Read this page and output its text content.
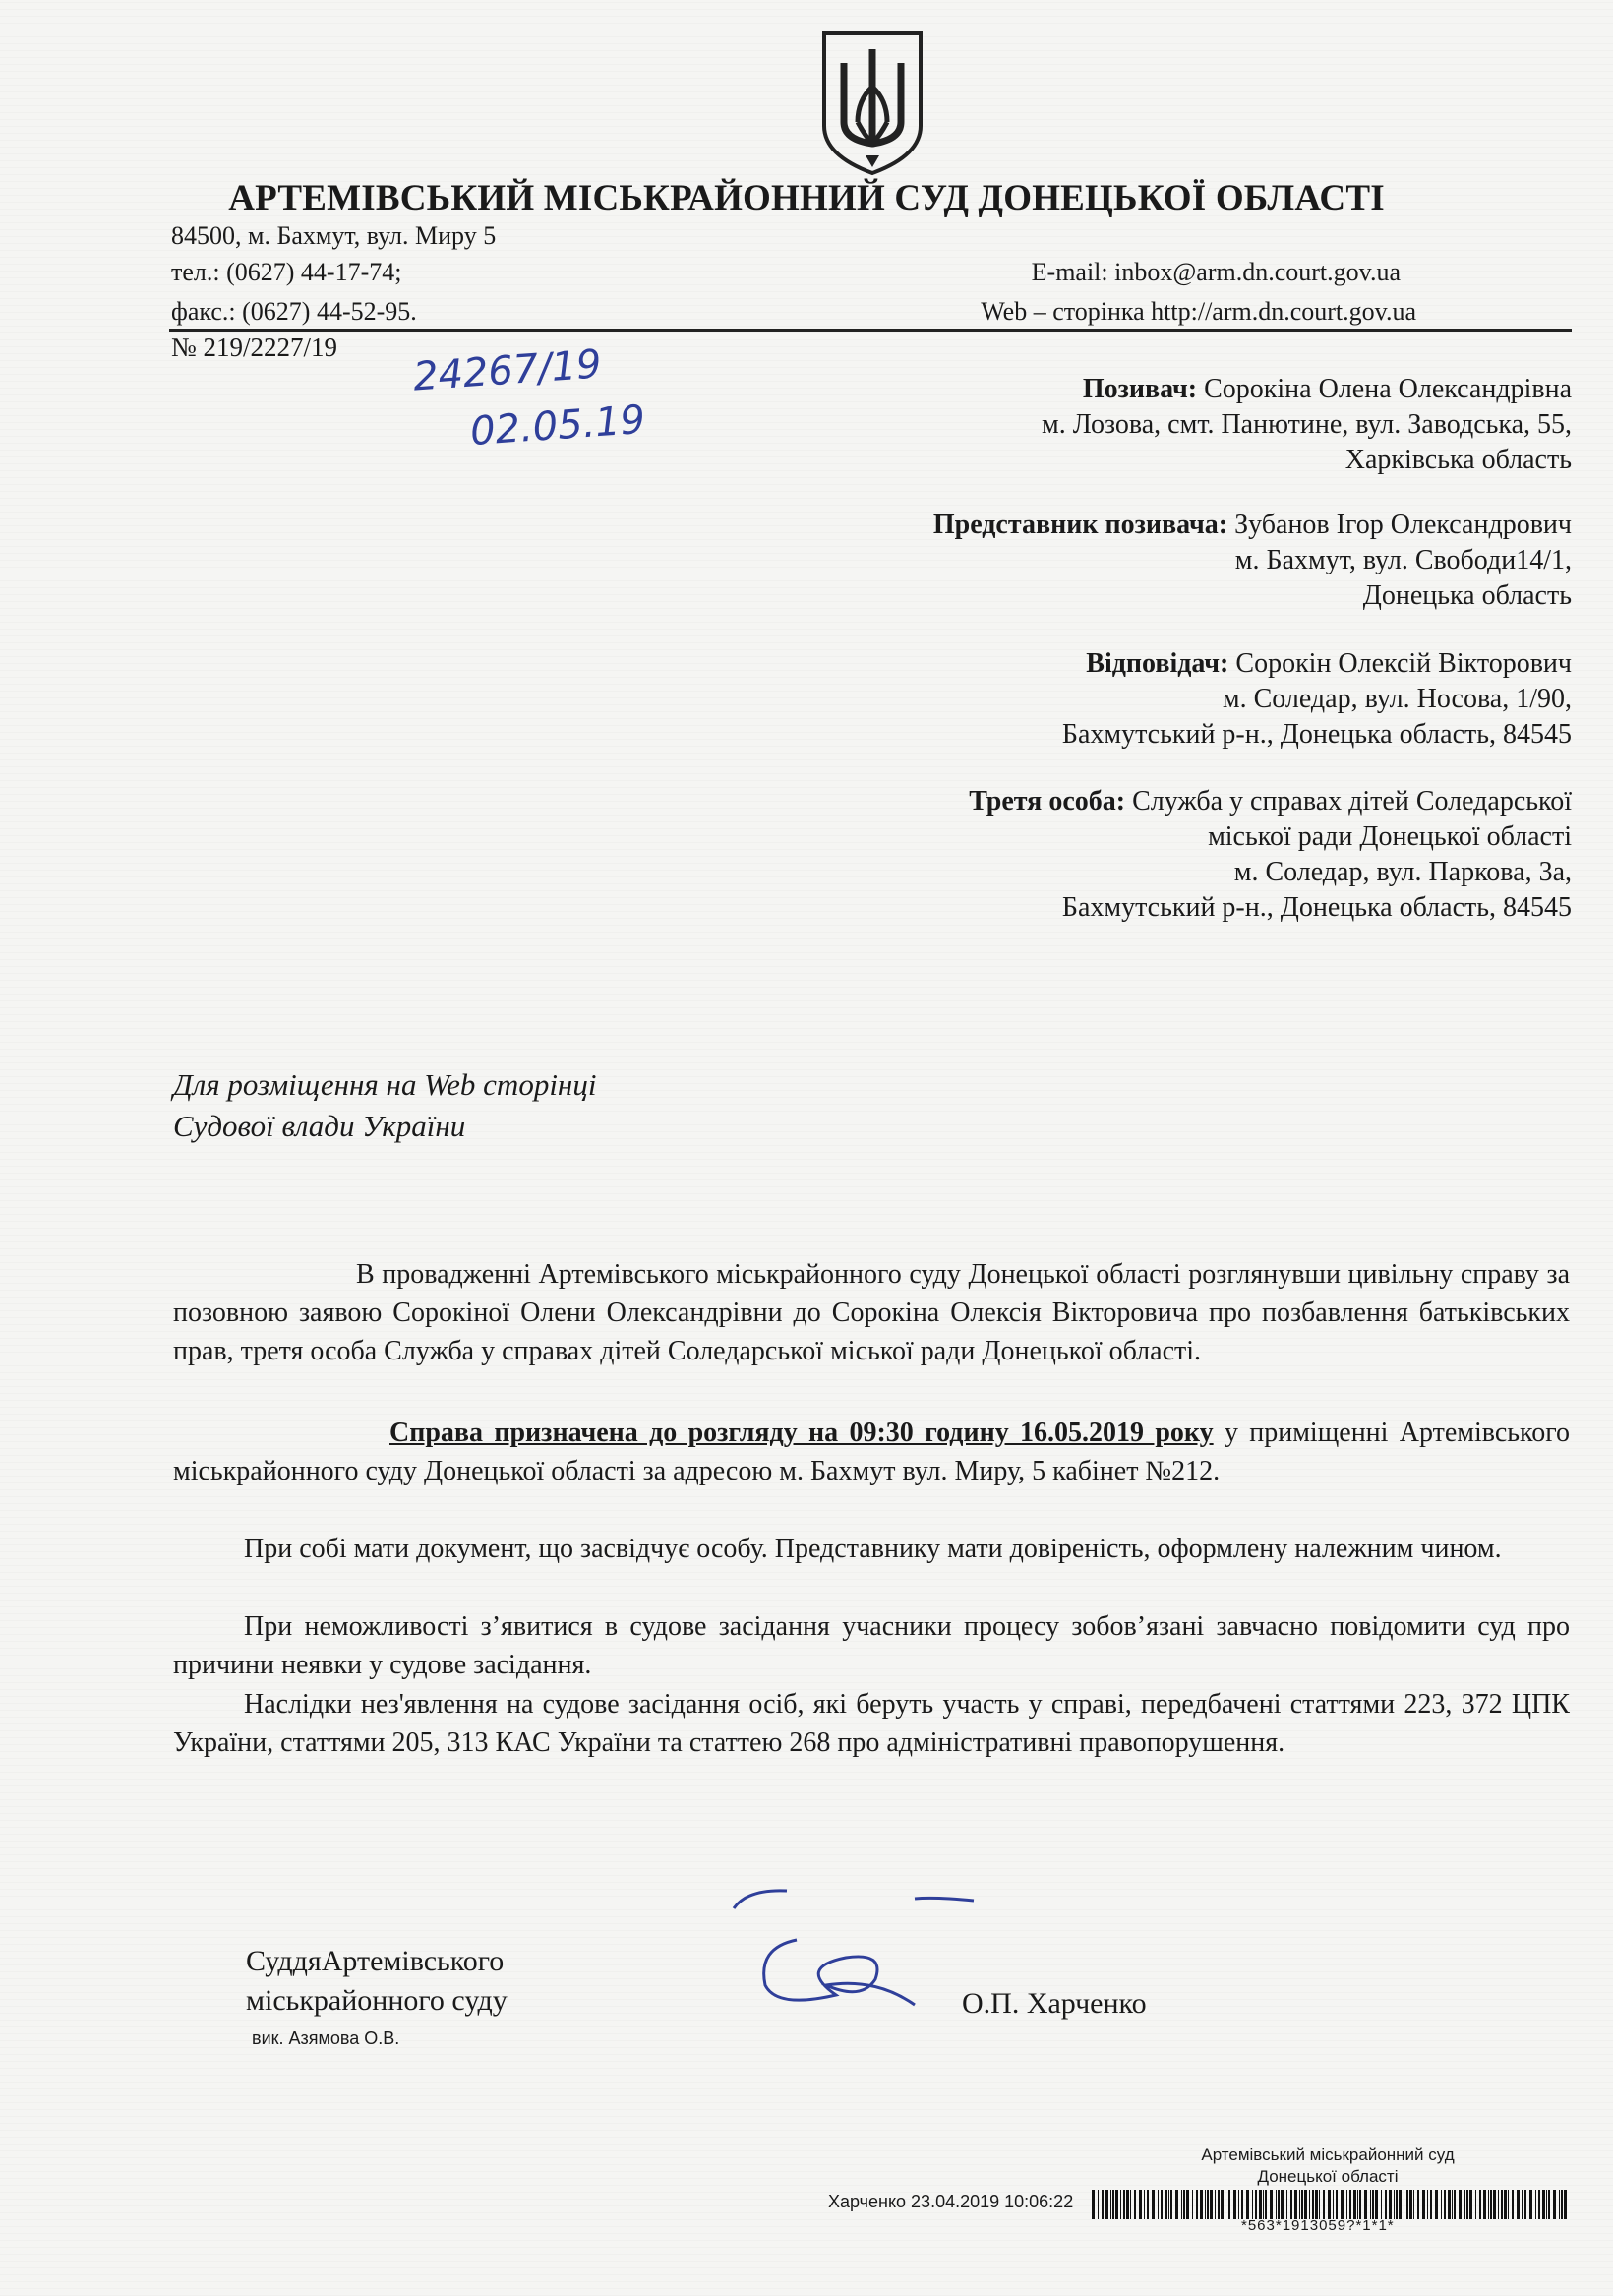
АРТЕМІВСЬКИЙ МІСЬКРАЙОННИЙ СУД ДОНЕЦЬКОЇ ОБЛАСТІ
84500, м. Бахмут, вул. Миру 5
тел.: (0627) 44-17-74;
факс.: (0627) 44-52-95.
E-mail: inbox@arm.dn.court.gov.ua
Web – сторінка http://arm.dn.court.gov.ua
№ 219/2227/19 24267/19
02.05.19
Позивач: Сорокіна Олена Олександрівна
м. Лозова, смт. Панютине, вул. Заводська, 55,
Харківська область
Представник позивача: Зубанов Ігор Олександрович
м. Бахмут, вул. Свободи14/1,
Донецька область
Відповідач: Сорокін Олексій Вікторович
м. Соледар, вул. Носова, 1/90,
Бахмутський р-н., Донецька область, 84545
Третя особа: Служба у справах дітей Соледарської
міської ради Донецької області
м. Соледар, вул. Паркова, 3а,
Бахмутський р-н., Донецька область, 84545
Для розміщення на Web сторінці
Судової влади України
В провадженні Артемівського міськрайонного суду Донецької області розглянувши цивільну справу за позовною заявою Сорокіної Олени Олександрівни до Сорокіна Олексія Вікторовича про позбавлення батьківських прав, третя особа Служба у справах дітей Соледарської міської ради Донецької області.
Справа призначена до розгляду на 09:30 годину 16.05.2019 року у приміщенні Артемівського міськрайонного суду Донецької області за адресою м. Бахмут вул. Миру, 5 кабінет №212.
При собі мати документ, що засвідчує особу. Представнику мати довіреність, оформлену належним чином.
При неможливості з’явитися в судове засідання учасники процесу зобов’язані завчасно повідомити суд про причини неявки у судове засідання.
Наслідки нез'явлення на судове засідання осіб, які беруть участь у справі, передбачені статтями 223, 372 ЦПК України, статтями 205, 313 КАС України та статтею 268 про адміністративні правопорушення.
СуддяАртемівського
міськрайонного суду
вик. Азямова О.В.
О.П. Харченко
Артемівський міськрайонний суд
Донецької області
Харченко 23.04.2019 10:06:22
*563*1913059?*1*1*
